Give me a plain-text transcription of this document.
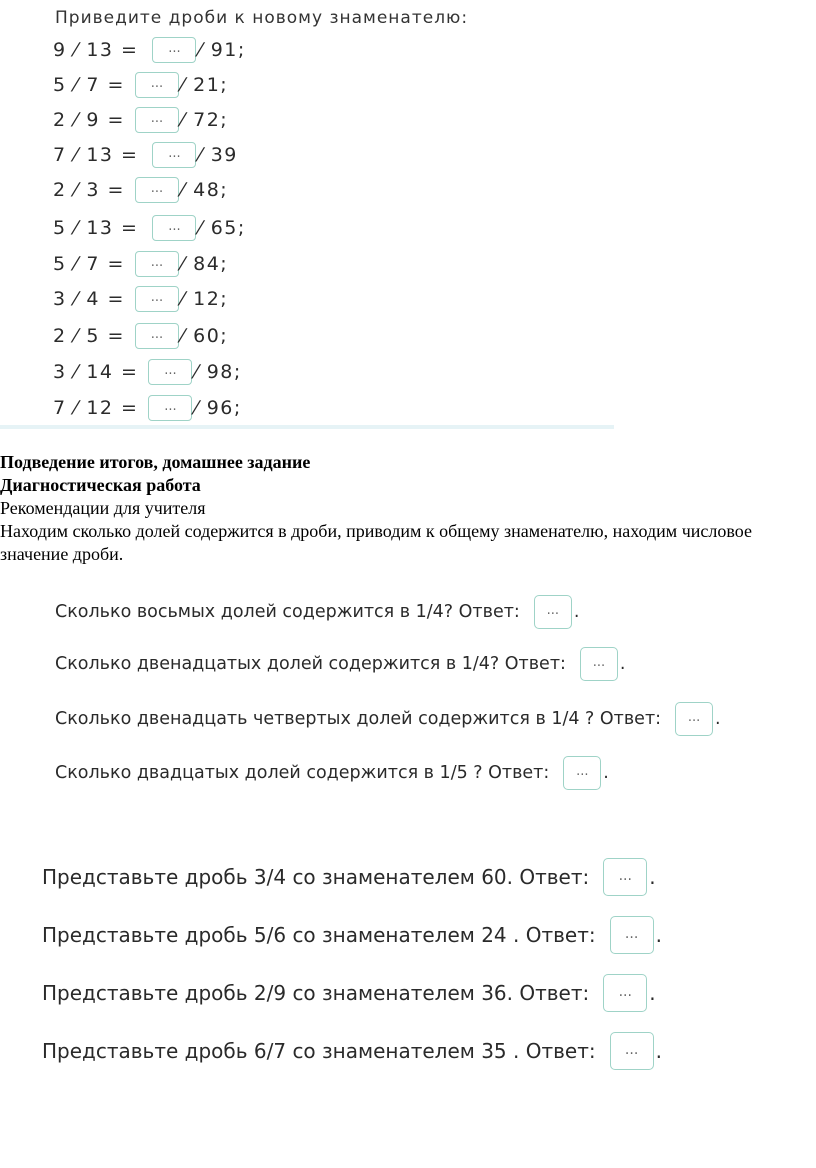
Приведите дроби к новому знаменателю:
9 ⁄ 13 =	... ⁄ 91;
5 ⁄ 7 =	... ⁄ 21;
2 ⁄ 9 =	... ⁄ 72;
7 ⁄ 13 =	... ⁄ 39
2 ⁄ 3 =	... ⁄ 48;
5 ⁄ 13 =	... ⁄ 65;
5 ⁄ 7 =	... ⁄ 84;
3 ⁄ 4 =	... ⁄ 12;
2 ⁄ 5 =	... ⁄ 60;
3 ⁄ 14 =	... ⁄ 98;
7 ⁄ 12 =	... ⁄ 96;

Подведение итогов, домашнее задание

Диагностическая работа

Рекомендации для учителя

Находим сколько долей содержится в дроби, приводим к общему знаменателю, находим числовое значение дроби.

Сколько восьмых долей содержится в 1/4? Ответ:	... .
Сколько двенадцатых долей содержится в 1/4? Ответ:	... .
Сколько двенадцать четвертых долей содержится в 1/4 ? Ответ:	... .
Сколько двадцатых долей содержится в 1/5 ? Ответ:	... .
Представьте дробь 3/4 со знаменателем 60. Ответ:	... .
Представьте дробь 5/6 со знаменателем 24 . Ответ:	... .
Представьте дробь 2/9 со знаменателем 36. Ответ:	... .
Представьте дробь 6/7 со знаменателем 35 . Ответ:	... .
